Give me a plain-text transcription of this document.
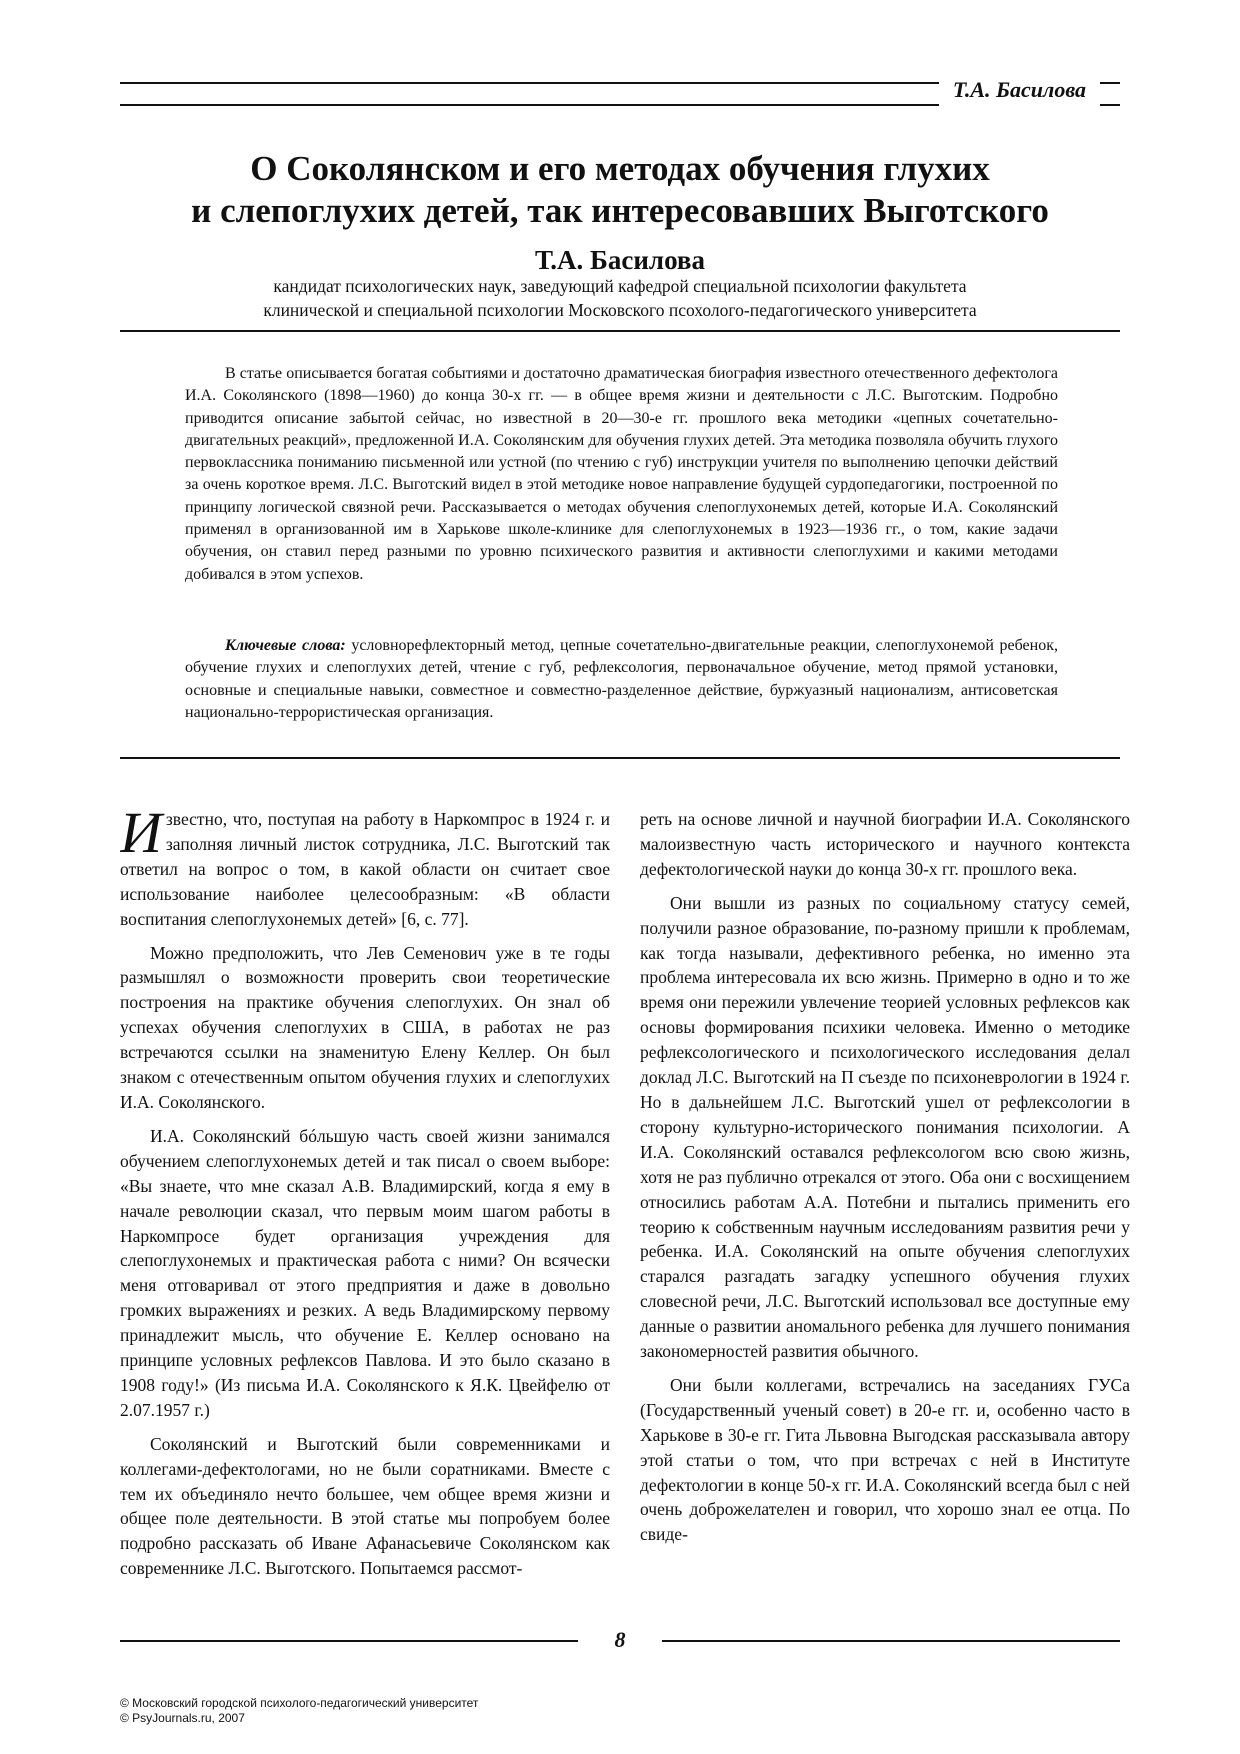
Т.А. Басилова
О Соколянском и его методах обучения глухих
и слепоглухих детей, так интересовавших Выготского
Т.А. Басилова
кандидат психологических наук, заведующий кафедрой специальной психологии факультета
клинической и специальной психологии Московского псохолого-педагогического университета

В статье описывается богатая событиями и достаточно драматическая биография известного отечественного дефектолога И.А. Соколянского (1898—1960) до конца 30-х гг. — в общее время жизни и деятельности с Л.С. Выготским. Подробно приводится описание забытой сейчас, но известной в 20—30-е гг. прошлого века методики «цепных сочетательно-двигательных реакций», предложенной И.А. Соколянским для обучения глухих детей. Эта методика позволяла обучить глухого первоклассника пониманию письменной или устной (по чтению с губ) инструкции учителя по выполнению цепочки действий за очень короткое время. Л.С. Выготский видел в этой методике новое направление будущей сурдопедагогики, построенной по принципу логической связной речи. Рассказывается о методах обучения слепоглухонемых детей, которые И.А. Соколянский применял в организованной им в Харькове школе-клинике для слепоглухонемых в 1923—1936 гг., о том, какие задачи обучения, он ставил перед разными по уровню психического развития и активности слепоглухими и какими методами добивался в этом успехов.

Ключевые слова: условнорефлекторный метод, цепные сочетательно-двигательные реакции, слепоглухонемой ребенок, обучение глухих и слепоглухих детей, чтение с губ, рефлексология, первоначальное обучение, метод прямой установки, основные и специальные навыки, совместное и совместно-разделенное действие, буржуазный национализм, антисоветская национально-террористическая организация.

Известно, что, поступая на работу в Наркомпрос в 1924 г. и заполняя личный листок сотрудника, Л.С. Выготский так ответил на вопрос о том, в какой области он считает свое использование наиболее целесообразным: «В области воспитания слепоглухонемых детей» [6, с. 77].

Можно предположить, что Лев Семенович уже в те годы размышлял о возможности проверить свои теоретические построения на практике обучения слепоглухих. Он знал об успехах обучения слепоглухих в США, в работах не раз встречаются ссылки на знаменитую Елену Келлер. Он был знаком с отечественным опытом обучения глухих и слепоглухих И.А. Соколянского.

И.А. Соколянский бóльшую часть своей жизни занимался обучением слепоглухонемых детей и так писал о своем выборе: «Вы знаете, что мне сказал А.В. Владимирский, когда я ему в начале революции сказал, что первым моим шагом работы в Наркомпросе будет организация учреждения для слепоглухонемых и практическая работа с ними? Он всячески меня отговаривал от этого предприятия и даже в довольно громких выражениях и резких. А ведь Владимирскому первому принадлежит мысль, что обучение Е. Келлер основано на принципе условных рефлексов Павлова. И это было сказано в 1908 году!» (Из письма И.А. Соколянского к Я.К. Цвейфелю от 2.07.1957 г.)

Соколянский и Выготский были современниками и коллегами-дефектологами, но не были соратниками. Вместе с тем их объединяло нечто большее, чем общее время жизни и общее поле деятельности. В этой статье мы попробуем более подробно рассказать об Иване Афанасьевиче Соколянском как современнике Л.С. Выготского. Попытаемся рассмот-

реть на основе личной и научной биографии И.А. Соколянского малоизвестную часть исторического и научного контекста дефектологической науки до конца 30-х гг. прошлого века.

Они вышли из разных по социальному статусу семей, получили разное образование, по-разному пришли к проблемам, как тогда называли, дефективного ребенка, но именно эта проблема интересовала их всю жизнь. Примерно в одно и то же время они пережили увлечение теорией условных рефлексов как основы формирования психики человека. Именно о методике рефлексологического и психологического исследования делал доклад Л.С. Выготский на П съезде по психоневрологии в 1924 г. Но в дальнейшем Л.С. Выготский ушел от рефлексологии в сторону культурно-исторического понимания психологии. А И.А. Соколянский оставался рефлексологом всю свою жизнь, хотя не раз публично отрекался от этого. Оба они с восхищением относились работам А.А. Потебни и пытались применить его теорию к собственным научным исследованиям развития речи у ребенка. И.А. Соколянский на опыте обучения слепоглухих старался разгадать загадку успешного обучения глухих словесной речи, Л.С. Выготский использовал все доступные ему данные о развитии аномального ребенка для лучшего понимания закономерностей развития обычного.

Они были коллегами, встречались на заседаниях ГУСа (Государственный ученый совет) в 20-е гг. и, особенно часто в Харькове в 30-е гг. Гита Львовна Выгодская рассказывала автору этой статьи о том, что при встречах с ней в Институте дефектологии в конце 50-х гг. И.А. Соколянский всегда был с ней очень доброжелателен и говорил, что хорошо знал ее отца. По свиде-

8
© Московский городской психолого-педагогический университет
© PsyJournals.ru, 2007
